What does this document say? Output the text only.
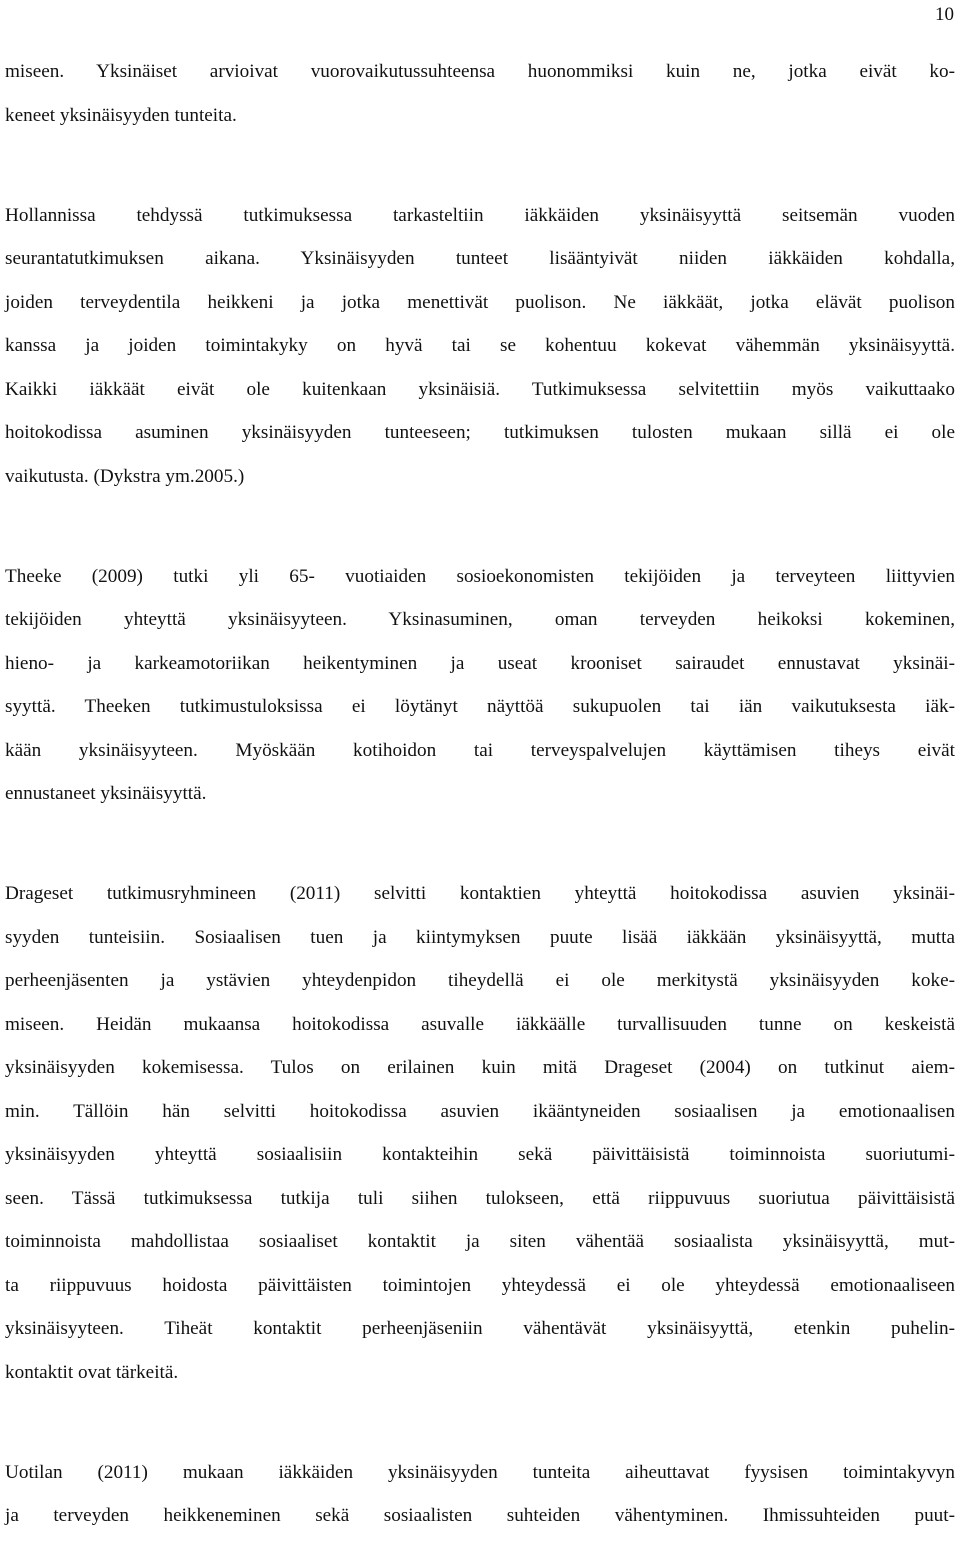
10
miseen. Yksinäiset arvioivat vuorovaikutussuhteensa huonommiksi kuin ne, jotka eivät ko-
keneet yksinäisyyden tunteita.
Hollannissa tehdyssä tutkimuksessa tarkasteltiin iäkkäiden yksinäisyyttä seitsemän vuoden
seurantatutkimuksen aikana. Yksinäisyyden tunteet lisääntyivät niiden iäkkäiden kohdalla,
joiden terveydentila heikkeni ja jotka menettivät puolison. Ne iäkkäät, jotka elävät puolison
kanssa ja joiden toimintakyky on hyvä tai se kohentuu kokevat vähemmän yksinäisyyttä.
Kaikki iäkkäät eivät ole kuitenkaan yksinäisiä. Tutkimuksessa selvitettiin myös vaikuttaako
hoitokodissa asuminen yksinäisyyden tunteeseen; tutkimuksen tulosten mukaan sillä ei ole
vaikutusta. (Dykstra ym.2005.)
Theeke (2009) tutki yli 65- vuotiaiden sosioekonomisten tekijöiden ja terveyteen liittyvien
tekijöiden yhteyttä yksinäisyyteen. Yksinasuminen, oman terveyden heikoksi kokeminen,
hieno- ja karkeamotoriikan heikentyminen ja useat krooniset sairaudet ennustavat yksinäi-
syyttä. Theeken tutkimustuloksissa ei löytänyt näyttöä sukupuolen tai iän vaikutuksesta iäk-
kään yksinäisyyteen. Myöskään kotihoidon tai terveyspalvelujen käyttämisen tiheys eivät
ennustaneet yksinäisyyttä.
Drageset tutkimusryhmineen (2011) selvitti kontaktien yhteyttä hoitokodissa asuvien yksinäi-
syyden tunteisiin. Sosiaalisen tuen ja kiintymyksen puute lisää iäkkään yksinäisyyttä, mutta
perheenjäsenten ja ystävien yhteydenpidon tiheydellä ei ole merkitystä yksinäisyyden koke-
miseen. Heidän mukaansa hoitokodissa asuvalle iäkkäälle turvallisuuden tunne on keskeistä
yksinäisyyden kokemisessa. Tulos on erilainen kuin mitä Drageset (2004) on tutkinut aiem-
min. Tällöin hän selvitti hoitokodissa asuvien ikääntyneiden sosiaalisen ja emotionaalisen
yksinäisyyden yhteyttä sosiaalisiin kontakteihin sekä päivittäisistä toiminnoista suoriutumi-
seen. Tässä tutkimuksessa tutkija tuli siihen tulokseen, että riippuvuus suoriutua päivittäisistä
toiminnoista mahdollistaa sosiaaliset kontaktit ja siten vähentää sosiaalista yksinäisyyttä, mut-
ta riippuvuus hoidosta päivittäisten toimintojen yhteydessä ei ole yhteydessä emotionaaliseen
yksinäisyyteen. Tiheät kontaktit perheenjäseniin vähentävät yksinäisyyttä, etenkin puhelin-
kontaktit ovat tärkeitä.
Uotilan (2011) mukaan iäkkäiden yksinäisyyden tunteita aiheuttavat fyysisen toimintakyvyn
ja terveyden heikkeneminen sekä sosiaalisten suhteiden vähentyminen. Ihmissuhteiden puut-
